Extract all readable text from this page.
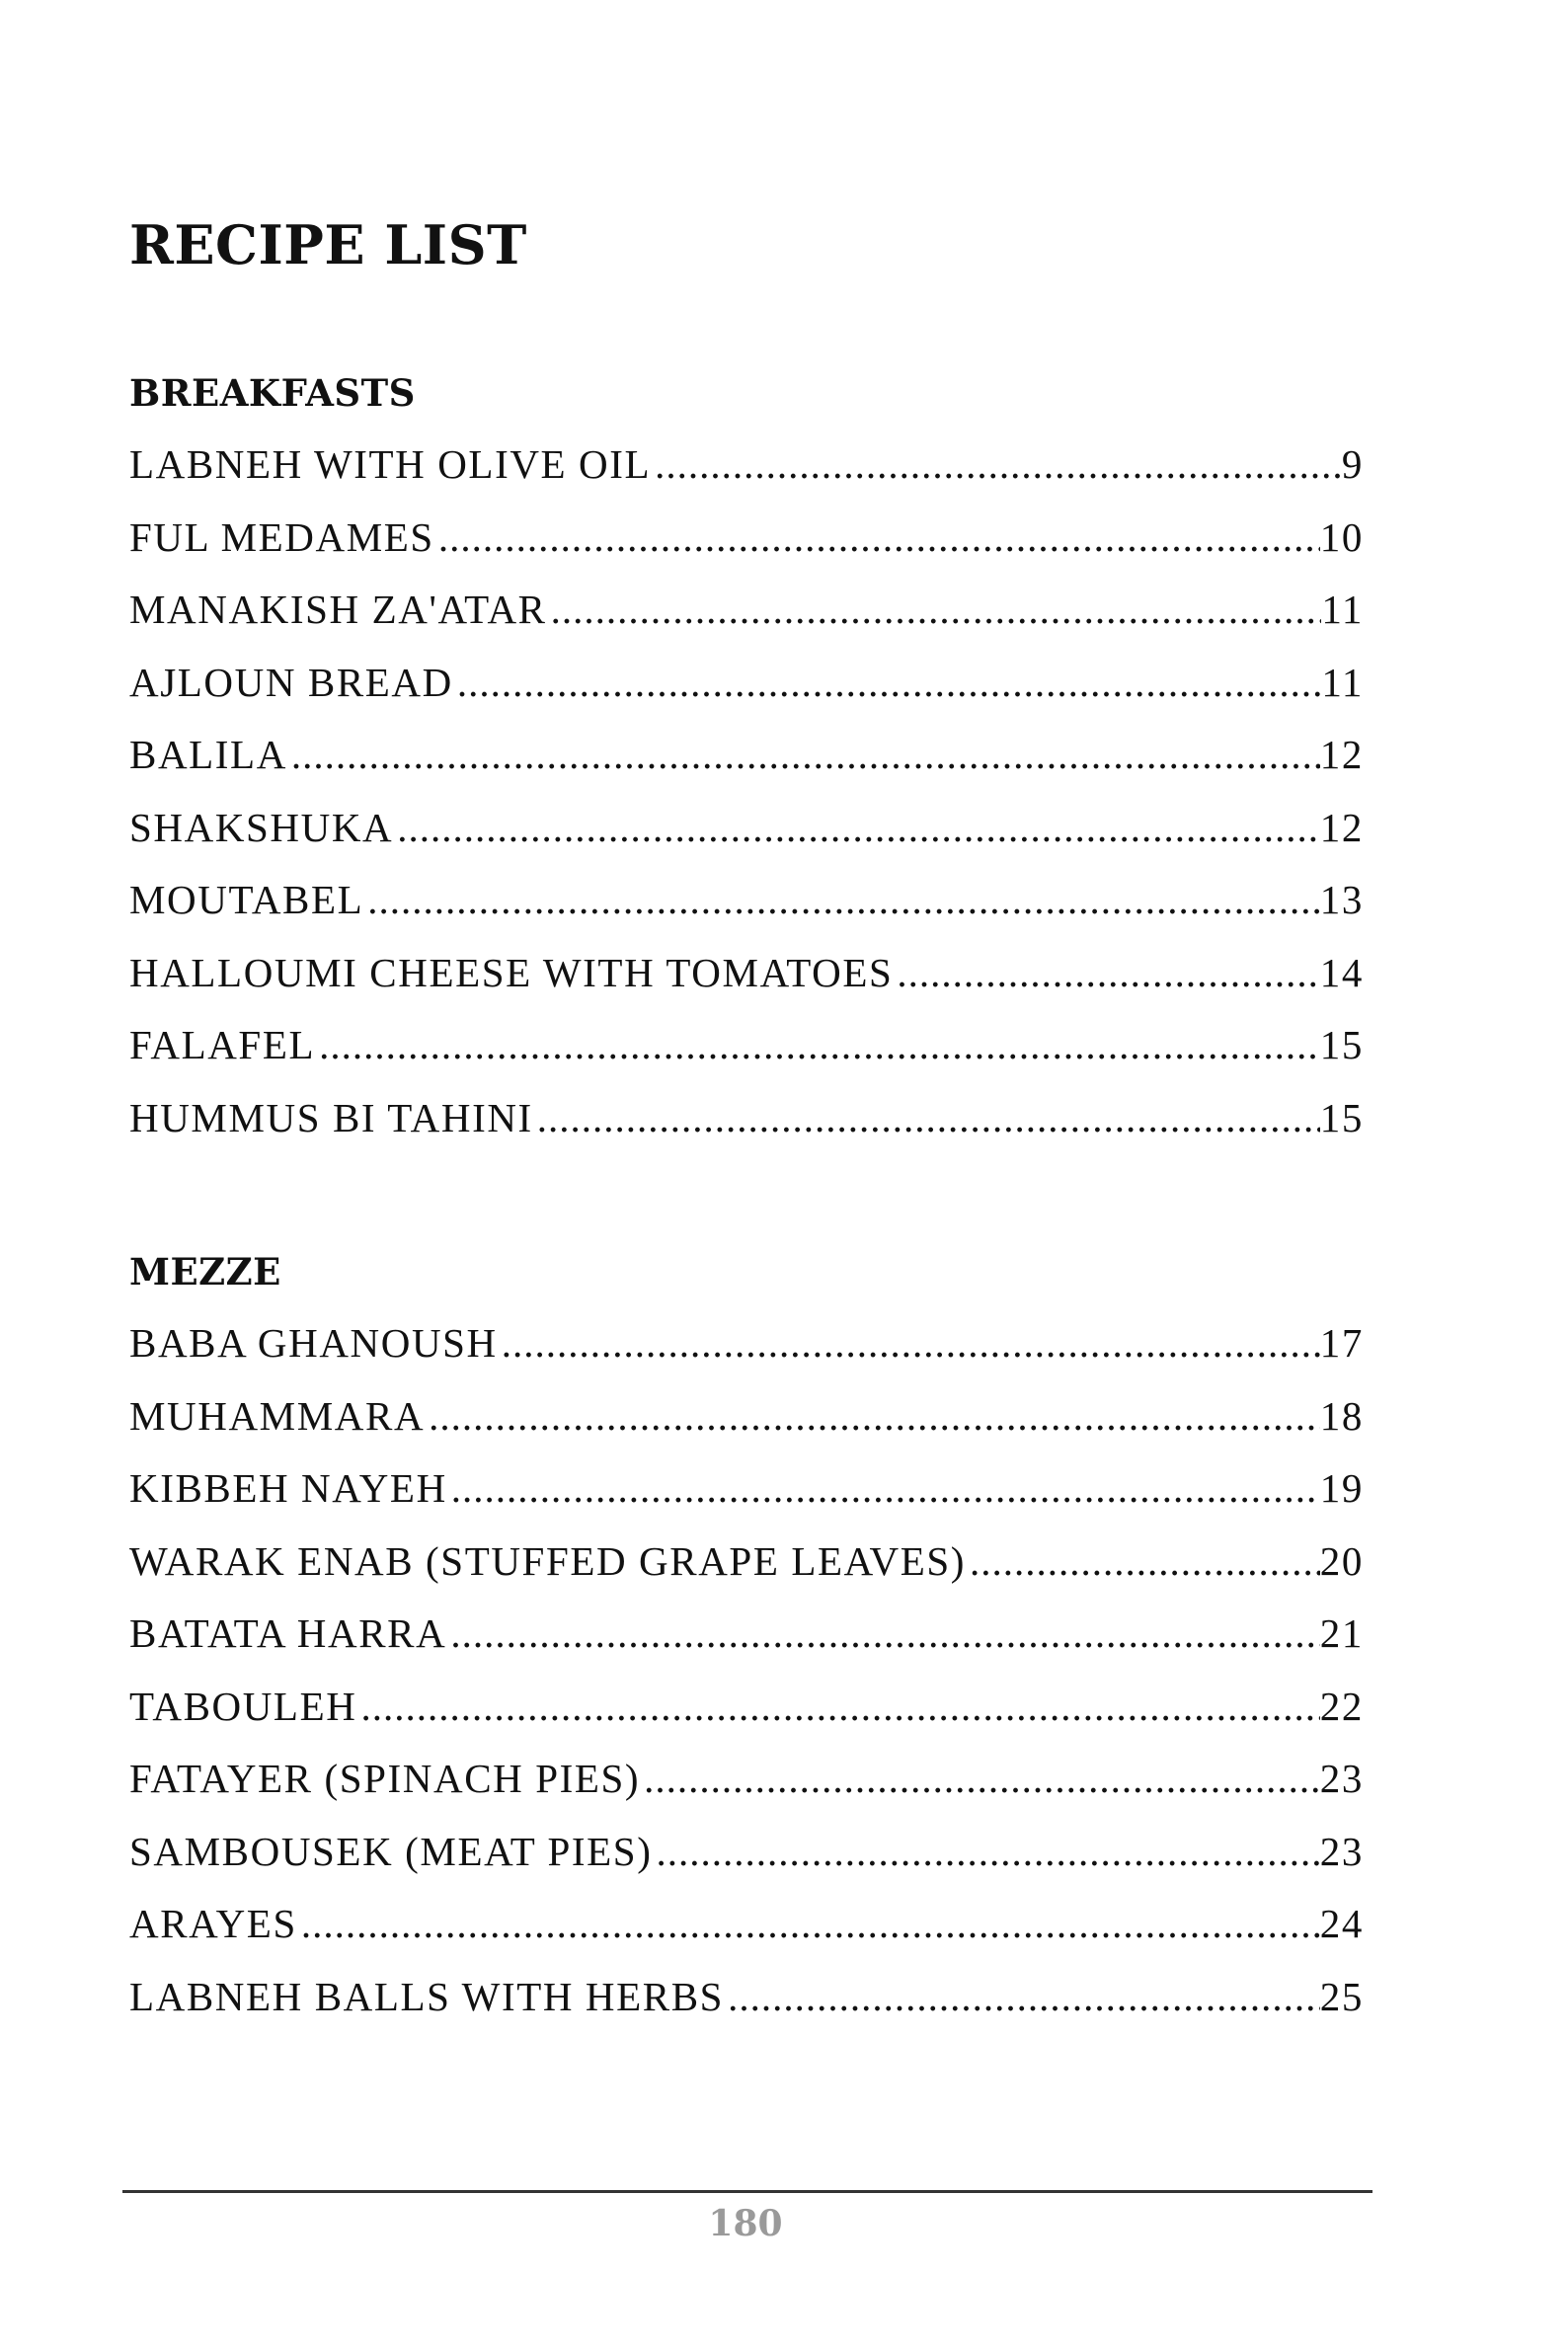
RECIPE LIST
BREAKFASTS
LABNEH WITH OLIVE OIL .....	9
FUL MEDAMES .....	10
MANAKISH ZA'ATAR .....	11
AJLOUN BREAD .....	11
BALILA .....	12
SHAKSHUKA .....	12
MOUTABEL .....	13
HALLOUMI CHEESE WITH TOMATOES .....	14
FALAFEL .....	15
HUMMUS BI TAHINI .....	15
MEZZE
BABA GHANOUSH .....	17
MUHAMMARA .....	18
KIBBEH NAYEH .....	19
WARAK ENAB (STUFFED GRAPE LEAVES) .....	20
BATATA HARRA .....	21
TABOULEH .....	22
FATAYER (SPINACH PIES) .....	23
SAMBOUSEK (MEAT PIES) .....	23
ARAYES .....	24
LABNEH BALLS WITH HERBS .....	25
180
